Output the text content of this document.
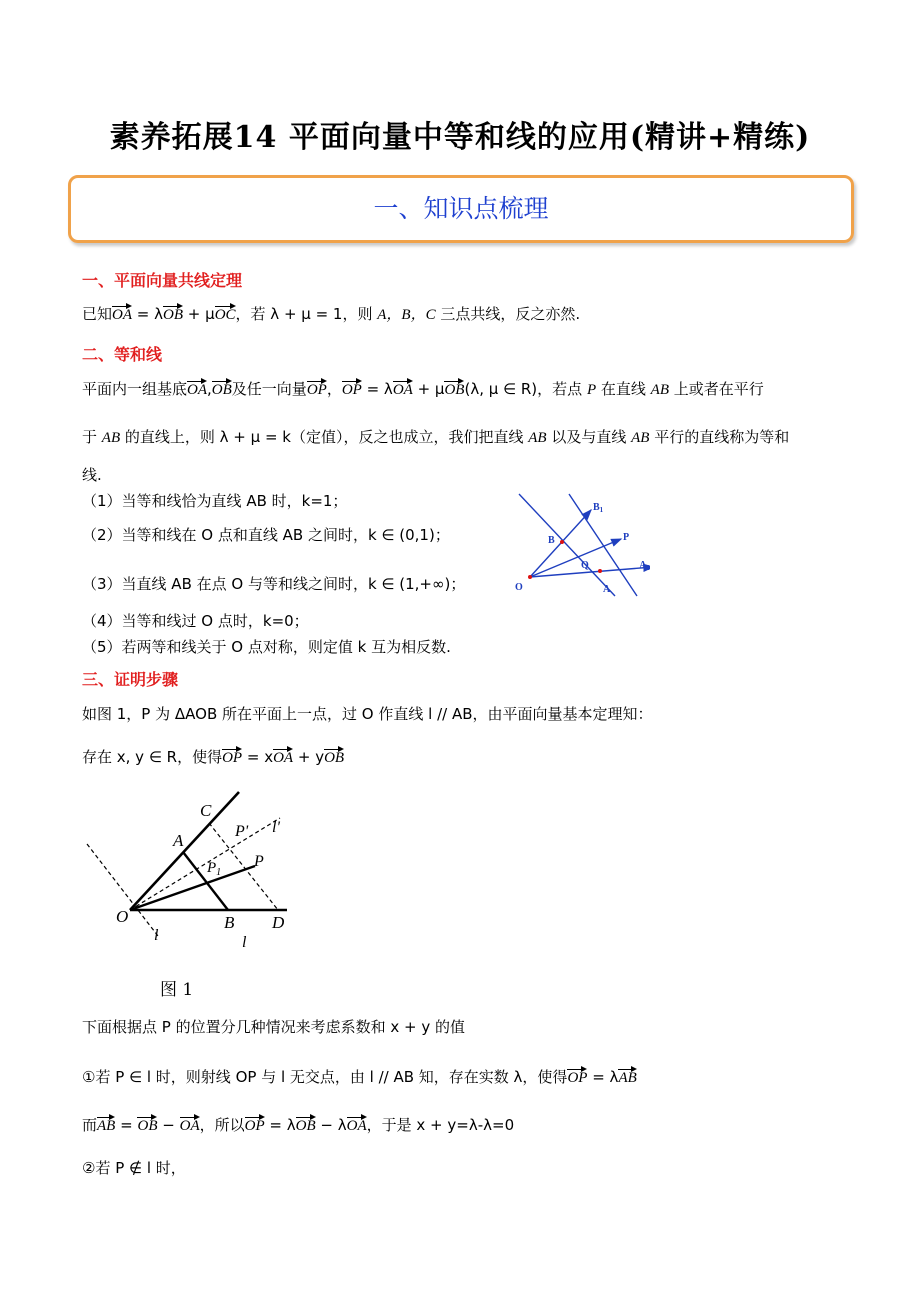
素养拓展14 平面向量中等和线的应用(精讲+精练)
一、知识点梳理
一、平面向量共线定理
已知OA = λOB + μOC，若 λ + μ = 1，则 A，B，C 三点共线，反之亦然.
二、等和线
平面内一组基底OA,OB及任一向量OP，OP = λOA + μOB(λ, μ ∈ R)，若点 P 在直线 AB 上或者在平行
于 AB 的直线上，则 λ + μ = k（定值），反之也成立，我们把直线 AB 以及与直线 AB 平行的直线称为等和
线.
（1）当等和线恰为直线 AB 时，k=1；
（2）当等和线在 O 点和直线 AB 之间时，k ∈ (0,1)；
（3）当直线 AB 在点 O 与等和线之间时，k ∈ (1,+∞)；
（4）当等和线过 O 点时，k=0；
（5）若两等和线关于 O 点对称，则定值 k 互为相反数.
$B_1$
B	P
Q	$A_1$
O	A
三、证明步骤
如图 1，P 为 ΔAOB 所在平面上一点，过 O 作直线 l // AB，由平面向量基本定理知：
存在 x, y ∈ R，使得OP = xOA + yOB
C
A
$P_1$
P
P' l'
O
l
B D
l
图 1
下面根据点 P 的位置分几种情况来考虑系数和 x + y 的值
①若 P ∈ l 时，则射线 OP 与 l 无交点，由 l // AB 知，存在实数 λ，使得OP = λAB
而AB = OB − OA，所以OP = λOB − λOA，于是 x + y=λ-λ=0
②若 P ∉ l 时，
